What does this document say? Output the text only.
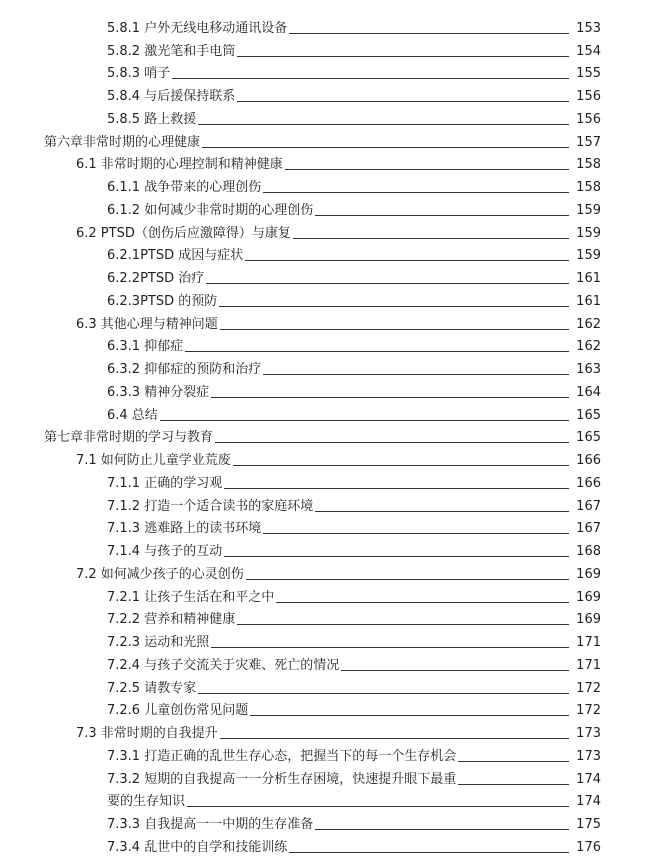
5.8.1 户外无线电移动通讯设备	153
5.8.2 激光笔和手电筒	154
5.8.3 哨子	155
5.8.4 与后援保持联系	156
5.8.5 路上救援	156
第六章非常时期的心理健康	157
6.1 非常时期的心理控制和精神健康	158
6.1.1 战争带来的心理创伤	158
6.1.2 如何减少非常时期的心理创伤	159
6.2 PTSD（创伤后应激障得）与康复	159
6.2.1PTSD 成因与症状	159
6.2.2PTSD 治疗	161
6.2.3PTSD 的预防	161
6.3 其他心理与精神问题	162
6.3.1 抑郁症	162
6.3.2 抑郁症的预防和治疗	163
6.3.3 精神分裂症	164
6.4 总结	165
第七章非常时期的学习与教育	165
7.1 如何防止儿童学业荒废	166
7.1.1 正确的学习观	166
7.1.2 打造一个适合读书的家庭环境	167
7.1.3 逃难路上的读书环境	167
7.1.4 与孩子的互动	168
7.2 如何减少孩子的心灵创伤	169
7.2.1 让孩子生活在和平之中	169
7.2.2 营养和精神健康	169
7.2.3 运动和光照	171
7.2.4 与孩子交流关于灾难、死亡的情况	171
7.2.5 请教专家	172
7.2.6 儿童创伤常见问题	172
7.3 非常时期的自我提升	173
7.3.1 打造正确的乱世生存心态，把握当下的每一个生存机会	173
7.3.2 短期的自我提高一一分析生存困境，快速提升眼下最重	174
要的生存知识	174
7.3.3 自我提高一一中期的生存准备	175
7.3.4 乱世中的自学和技能训练	176
